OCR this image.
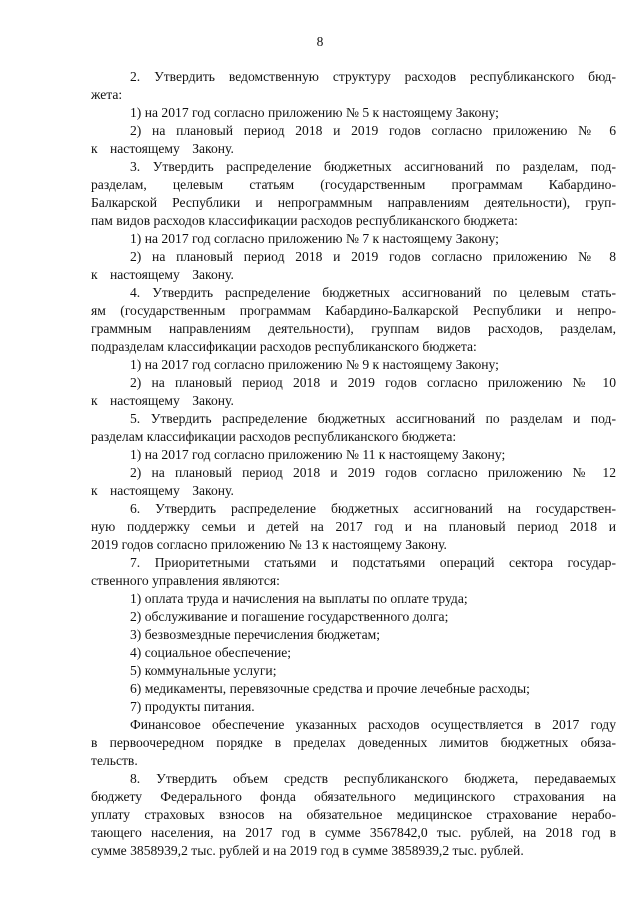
8
2. Утвердить ведомственную структуру расходов республиканского бюд-
жета:
1) на 2017 год согласно приложению № 5 к настоящему Закону;
2) на плановый период 2018 и 2019 годов согласно приложению № 6
к настоящему Закону.
3. Утвердить распределение бюджетных ассигнований по разделам, под-
разделам, целевым статьям (государственным программам Кабардино-
Балкарской Республики и непрограммным направлениям деятельности), груп-
пам видов расходов классификации расходов республиканского бюджета:
1) на 2017 год согласно приложению № 7 к настоящему Закону;
2) на плановый период 2018 и 2019 годов согласно приложению № 8
к настоящему Закону.
4. Утвердить распределение бюджетных ассигнований по целевым стать-
ям (государственным программам Кабардино-Балкарской Республики и непро-
граммным направлениям деятельности), группам видов расходов, разделам,
подразделам классификации расходов республиканского бюджета:
1) на 2017 год согласно приложению № 9 к настоящему Закону;
2) на плановый период 2018 и 2019 годов согласно приложению № 10
к настоящему Закону.
5. Утвердить распределение бюджетных ассигнований по разделам и под-
разделам классификации расходов республиканского бюджета:
1) на 2017 год согласно приложению № 11 к настоящему Закону;
2) на плановый период 2018 и 2019 годов согласно приложению № 12
к настоящему Закону.
6. Утвердить распределение бюджетных ассигнований на государствен-
ную поддержку семьи и детей на 2017 год и на плановый период 2018 и
2019 годов согласно приложению № 13 к настоящему Закону.
7. Приоритетными статьями и подстатьями операций сектора государ-
ственного управления являются:
1) оплата труда и начисления на выплаты по оплате труда;
2) обслуживание и погашение государственного долга;
3) безвозмездные перечисления бюджетам;
4) социальное обеспечение;
5) коммунальные услуги;
6) медикаменты, перевязочные средства и прочие лечебные расходы;
7) продукты питания.
Финансовое обеспечение указанных расходов осуществляется в 2017 году
в первоочередном порядке в пределах доведенных лимитов бюджетных обяза-
тельств.
8. Утвердить объем средств республиканского бюджета, передаваемых
бюджету Федерального фонда обязательного медицинского страхования на
уплату страховых взносов на обязательное медицинское страхование нерабо-
тающего населения, на 2017 год в сумме 3567842,0 тыс. рублей, на 2018 год в
сумме 3858939,2 тыс. рублей и на 2019 год в сумме 3858939,2 тыс. рублей.
